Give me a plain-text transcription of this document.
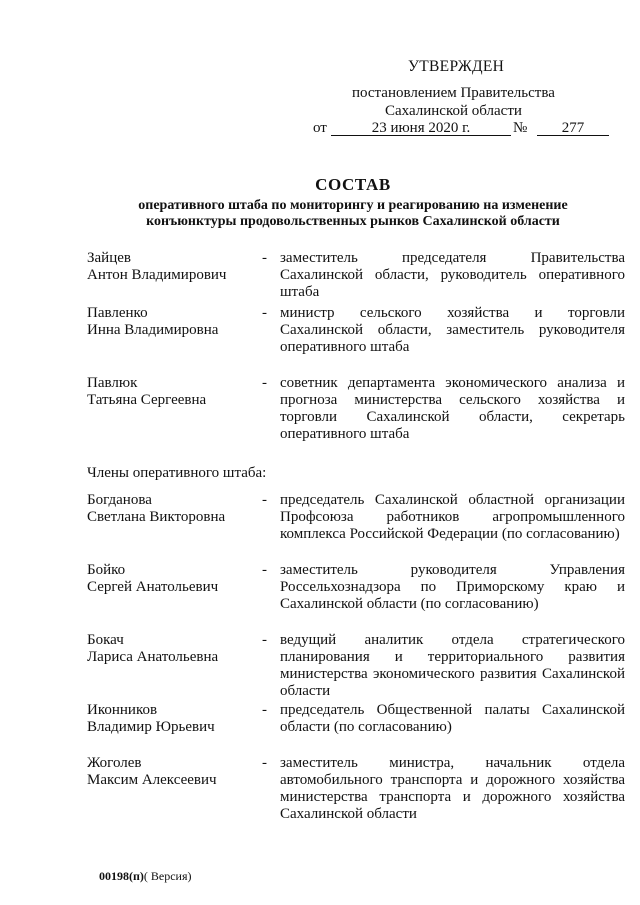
УТВЕРЖДЕН
постановлением Правительства
Сахалинской области
от	23 июня 2020 г.	№	277
СОСТАВ
оперативного штаба по мониторингу и реагированию на изменение
конъюнктуры продовольственных рынков Сахалинской области
Зайцев
Антон Владимирович
- заместитель председателя Правительства Сахалинской области, руководитель оперативного штаба
Павленко
Инна Владимировна
- министр сельского хозяйства и торговли Сахалинской области, заместитель руководителя оперативного штаба
Павлюк
Татьяна Сергеевна
- советник департамента экономического анализа и прогноза министерства сельского хозяйства и торговли Сахалинской области, секретарь оперативного штаба
Члены оперативного штаба:
Богданова
Светлана Викторовна
- председатель Сахалинской областной организации Профсоюза работников агропромышленного комплекса Российской Федерации (по согласованию)
Бойко
Сергей Анатольевич
- заместитель руководителя Управления Россельхознадзора по Приморскому краю и Сахалинской области (по согласованию)
Бокач
Лариса Анатольевна
- ведущий аналитик отдела стратегического планирования и территориального развития министерства экономического развития Сахалинской области
Иконников
Владимир Юрьевич
- председатель Общественной палаты Сахалинской области (по согласованию)
Жоголев
Максим Алексеевич
- заместитель министра, начальник отдела автомобильного транспорта и дорожного хозяйства министерства транспорта и дорожного хозяйства Сахалинской области
00198(п)( Версия)
